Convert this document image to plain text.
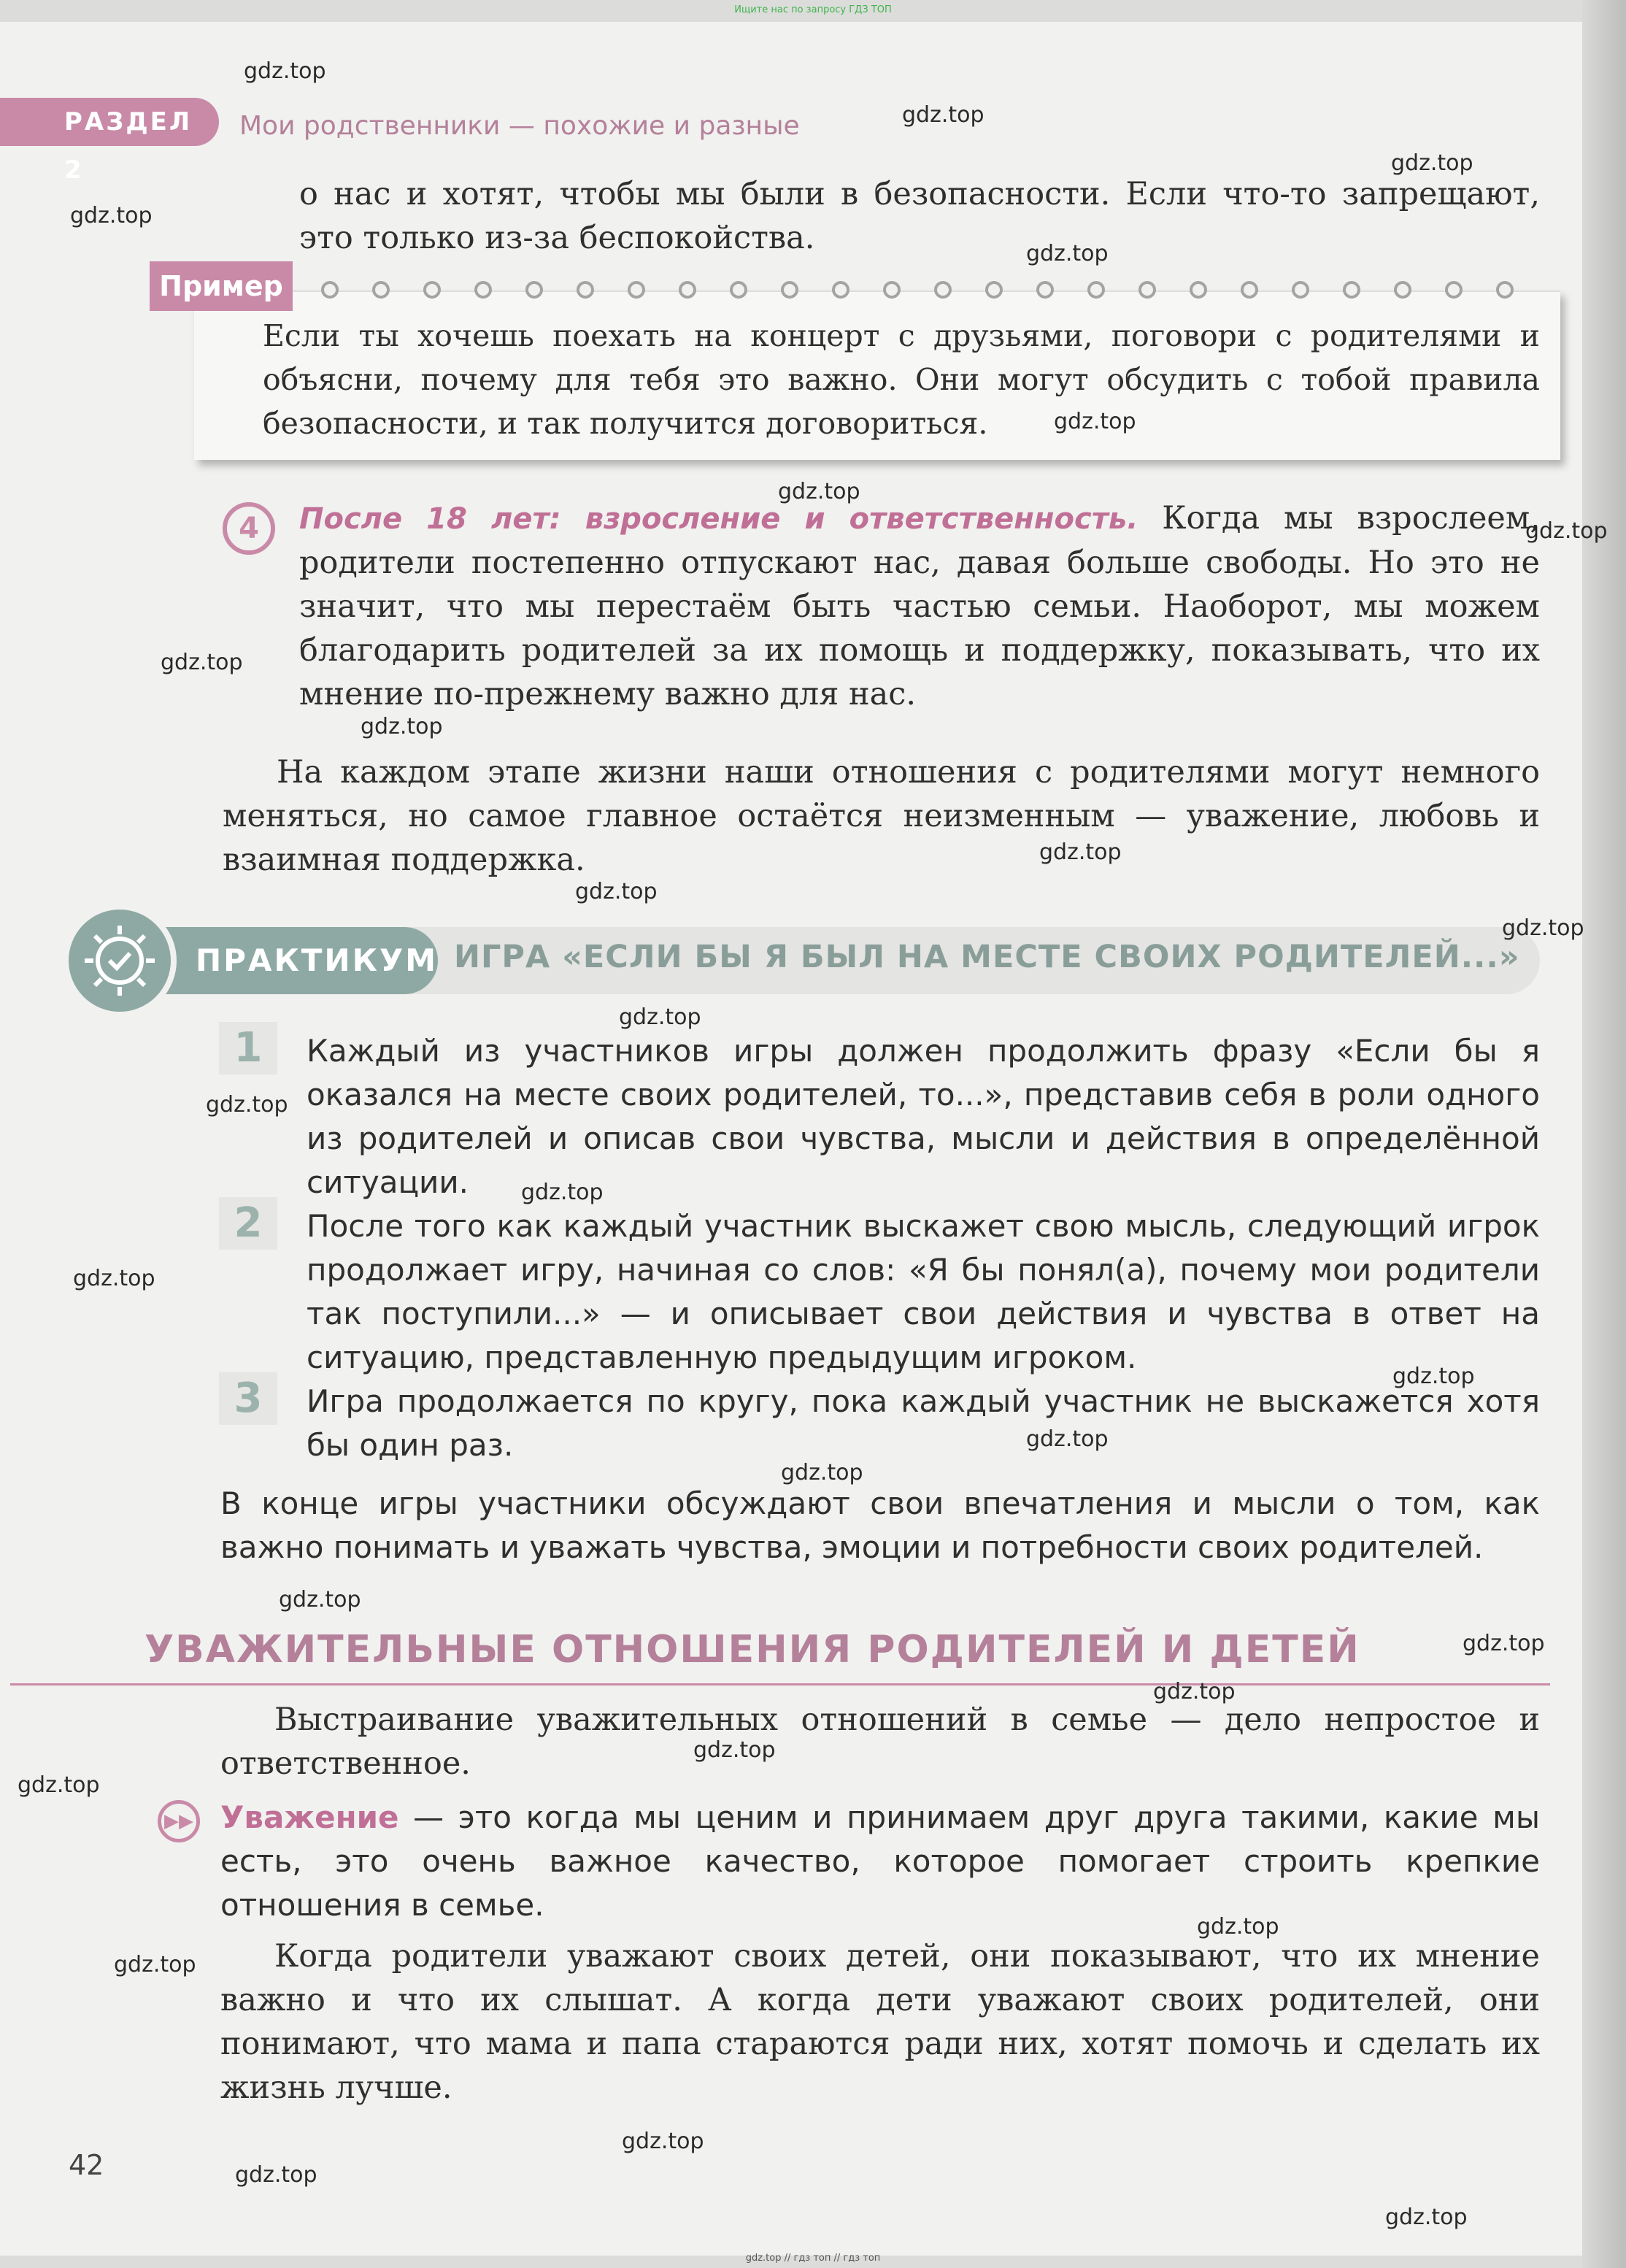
Ищите нас по запросу ГДЗ ТОП
РАЗДЕЛ 2
Мои родственники — похожие и разные
о нас и хотят, чтобы мы были в безопасности. Если что-то запрещают, это только из-за беспокойства.
Пример
Если ты хочешь поехать на концерт с друзьями, поговори с родителями и объясни, почему для тебя это важно. Они могут обсудить с тобой правила безопасности, и так получится договориться.
4	После 18 лет: взросление и ответственность. Когда мы взрослеем, родители постепенно отпускают нас, давая больше свободы. Но это не значит, что мы перестаём быть частью семьи. Наоборот, мы можем благодарить родителей за их помощь и поддержку, показывать, что их мнение по-прежнему важно для нас.
На каждом этапе жизни наши отношения с родителями могут немного меняться, но самое главное остаётся неизменным — уважение, любовь и взаимная поддержка.
ПРАКТИКУМ ИГРА «ЕСЛИ БЫ Я БЫЛ НА МЕСТЕ СВОИХ РОДИТЕЛЕЙ...»
1	Каждый из участников игры должен продолжить фразу «Если бы я оказался на месте своих родителей, то...», представив себя в роли одного из родителей и описав свои чувства, мысли и действия в определённой ситуации.
2	После того как каждый участник выскажет свою мысль, следующий игрок продолжает игру, начиная со слов: «Я бы понял(а), почему мои родители так поступили...» — и описывает свои действия и чувства в ответ на ситуацию, представленную предыдущим игроком.
3	Игра продолжается по кругу, пока каждый участник не выскажется хотя бы один раз.
В конце игры участники обсуждают свои впечатления и мысли о том, как важно понимать и уважать чувства, эмоции и потребности своих родителей.
УВАЖИТЕЛЬНЫЕ ОТНОШЕНИЯ РОДИТЕЛЕЙ И ДЕТЕЙ
Выстраивание уважительных отношений в семье — дело непростое и ответственное.
▶▶ Уважение — это когда мы ценим и принимаем друг друга такими, какие мы есть, это очень важное качество, которое помогает строить крепкие отношения в семье.
Когда родители уважают своих детей, они показывают, что их мнение важно и что их слышат. А когда дети уважают своих родителей, они понимают, что мама и папа стараются ради них, хотят помочь и сделать их жизнь лучше.
42
gdz.top // гдз топ // гдз топ
gdz.top
gdz.top
gdz.top
gdz.top
gdz.top
gdz.top
gdz.top
gdz.top
gdz.top
gdz.top
gdz.top
gdz.top
gdz.top
gdz.top
gdz.top
gdz.top
gdz.top
gdz.top
gdz.top
gdz.top
gdz.top
gdz.top
gdz.top
gdz.top
gdz.top
gdz.top
gdz.top
gdz.top
gdz.top
gdz.top
